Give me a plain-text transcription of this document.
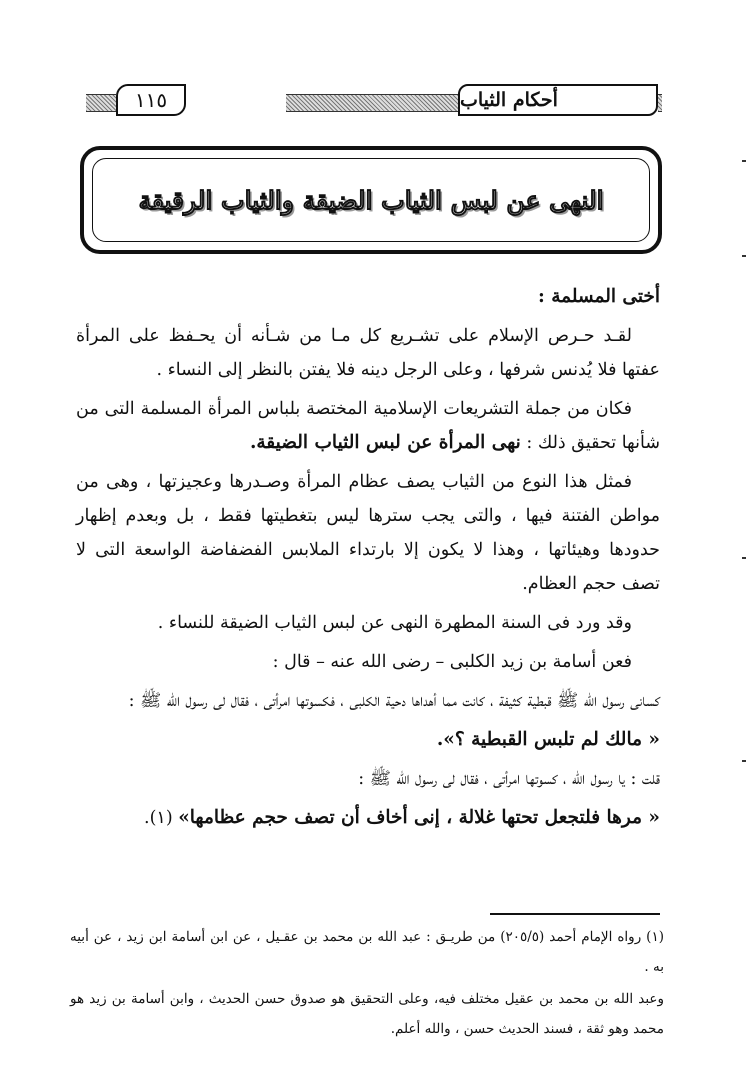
أحكام الثياب
١١٥
النهى عن لبس الثياب الضيقة والثياب الرقيقة

أختى المسلمة :

لقـد حـرص الإسلام على تشـريع كل مـا من شـأنه أن يحـفظ على المرأة عفتها فلا يُدنس شرفها ، وعلى الرجل دينه فلا يفتن بالنظر إلى النساء .

فكان من جملة التشريعات الإسلامية المختصة بلباس المرأة المسلمة التى من شأنها تحقيق ذلك : نهى المرأة عن لبس الثياب الضيقة.

فمثل هذا النوع من الثياب يصف عظام المرأة وصـدرها وعجيزتها ، وهى من مواطن الفتنة فيها ، والتى يجب سترها ليس بتغطيتها فقط ، بل وبعدم إظهار حدودها وهيئاتها ، وهذا لا يكون إلا بارتداء الملابس الفضفاضة الواسعة التى لا تصف حجم العظام.

وقد ورد فى السنة المطهرة النهى عن لبس الثياب الضيقة للنساء .

فعن أسامة بن زيد الكلبى – رضى الله عنه – قال :

كسانى رسول الله ﷺ قبطية كثيفة ، كانت مما أهداها دحية الكلبى ، فكسوتها امرأتى ، فقال لى رسول الله ﷺ :

« مالك لم تلبس القبطية ؟».

قلت : يا رسول الله ، كسوتها امرأتى ، فقال لى رسول الله ﷺ :

« مرها فلتجعل تحتها غلالة ، إنى أخاف أن تصف حجم عظامها» (١).

(١) رواه الإمام أحمد (٢٠٥/٥) من طريـق : عبد الله بن محمد بن عقـيل ، عن ابن أسامة ابن زيد ، عن أبيه به .

وعبد الله بن محمد بن عقيل مختلف فيه، وعلى التحقيق هو صدوق حسن الحديث ، وابن أسامة بن زيد هو محمد وهو ثقة ، فسند الحديث حسن ، والله أعلم.
